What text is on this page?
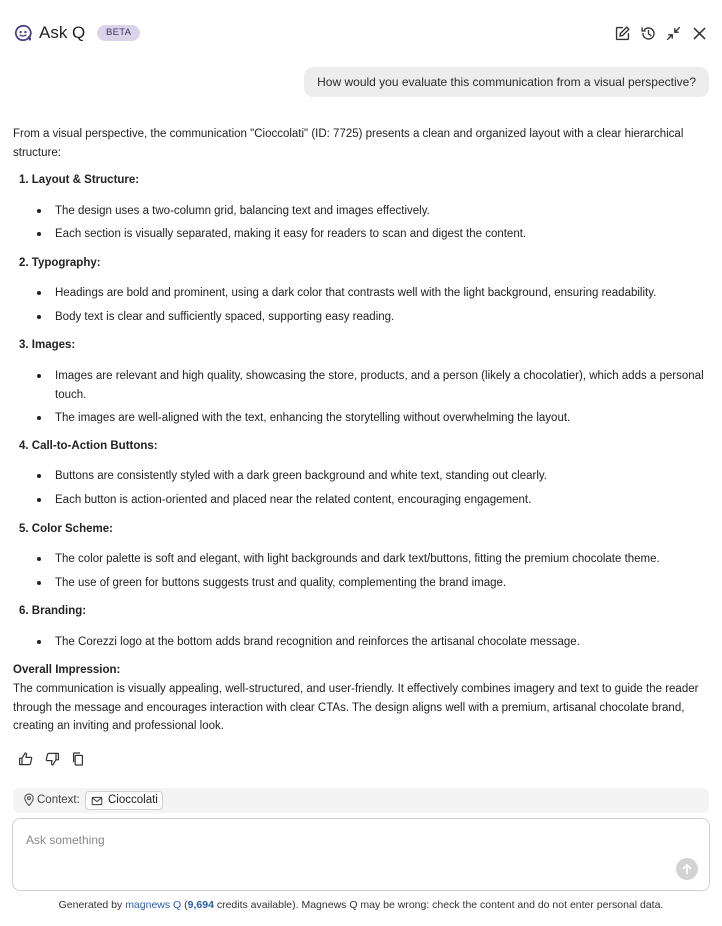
Ask Q	BETA
How would you evaluate this communication from a visual perspective?

From a visual perspective, the communication "Cioccolati" (ID: 7725) presents a clean and organized layout with a clear hierarchical structure:

1. Layout & Structure:
The design uses a two-column grid, balancing text and images effectively.
Each section is visually separated, making it easy for readers to scan and digest the content.
2. Typography:
Headings are bold and prominent, using a dark color that contrasts well with the light background, ensuring readability.
Body text is clear and sufficiently spaced, supporting easy reading.
3. Images:
Images are relevant and high quality, showcasing the store, products, and a person (likely a chocolatier), which adds a personal touch.
The images are well-aligned with the text, enhancing the storytelling without overwhelming the layout.
4. Call-to-Action Buttons:
Buttons are consistently styled with a dark green background and white text, standing out clearly.
Each button is action-oriented and placed near the related content, encouraging engagement.
5. Color Scheme:
The color palette is soft and elegant, with light backgrounds and dark text/buttons, fitting the premium chocolate theme.
The use of green for buttons suggests trust and quality, complementing the brand image.
6. Branding:
The Corezzi logo at the bottom adds brand recognition and reinforces the artisanal chocolate message.
Overall Impression:

The communication is visually appealing, well-structured, and user-friendly. It effectively combines imagery and text to guide the reader through the message and encourages interaction with clear CTAs. The design aligns well with a premium, artisanal chocolate brand, creating an inviting and professional look.

Context:	Cioccolati
Ask something
Generated by magnews Q (9,694 credits available). Magnews Q may be wrong: check the content and do not enter personal data.
